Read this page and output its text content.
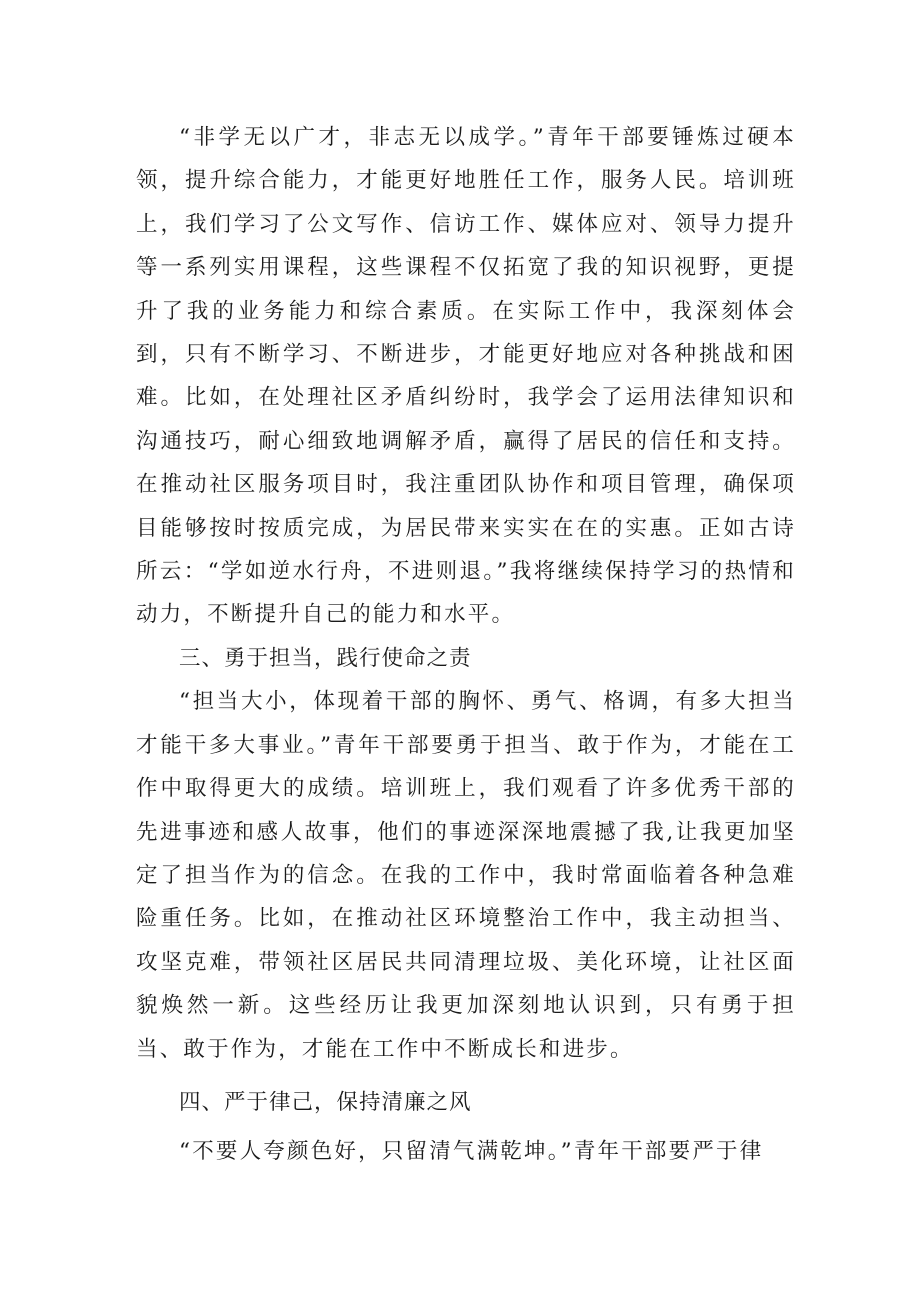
“非学无以广才，非志无以成学。”青年干部要锤炼过硬本领，提升综合能力，才能更好地胜任工作，服务人民。培训班上，我们学习了公文写作、信访工作、媒体应对、领导力提升等一系列实用课程，这些课程不仅拓宽了我的知识视野，更提升了我的业务能力和综合素质。在实际工作中，我深刻体会到，只有不断学习、不断进步，才能更好地应对各种挑战和困难。比如，在处理社区矛盾纠纷时，我学会了运用法律知识和沟通技巧，耐心细致地调解矛盾，赢得了居民的信任和支持。在推动社区服务项目时，我注重团队协作和项目管理，确保项目能够按时按质完成，为居民带来实实在在的实惠。正如古诗所云：“学如逆水行舟，不进则退。”我将继续保持学习的热情和动力，不断提升自己的能力和水平。

三、勇于担当，践行使命之责

“担当大小，体现着干部的胸怀、勇气、格调，有多大担当才能干多大事业。”青年干部要勇于担当、敢于作为，才能在工作中取得更大的成绩。培训班上，我们观看了许多优秀干部的先进事迹和感人故事，他们的事迹深深地震撼了我,让我更加坚定了担当作为的信念。在我的工作中，我时常面临着各种急难险重任务。比如，在推动社区环境整治工作中，我主动担当、攻坚克难，带领社区居民共同清理垃圾、美化环境，让社区面貌焕然一新。这些经历让我更加深刻地认识到，只有勇于担当、敢于作为，才能在工作中不断成长和进步。

四、严于律己，保持清廉之风

“不要人夸颜色好，只留清气满乾坤。”青年干部要严于律
